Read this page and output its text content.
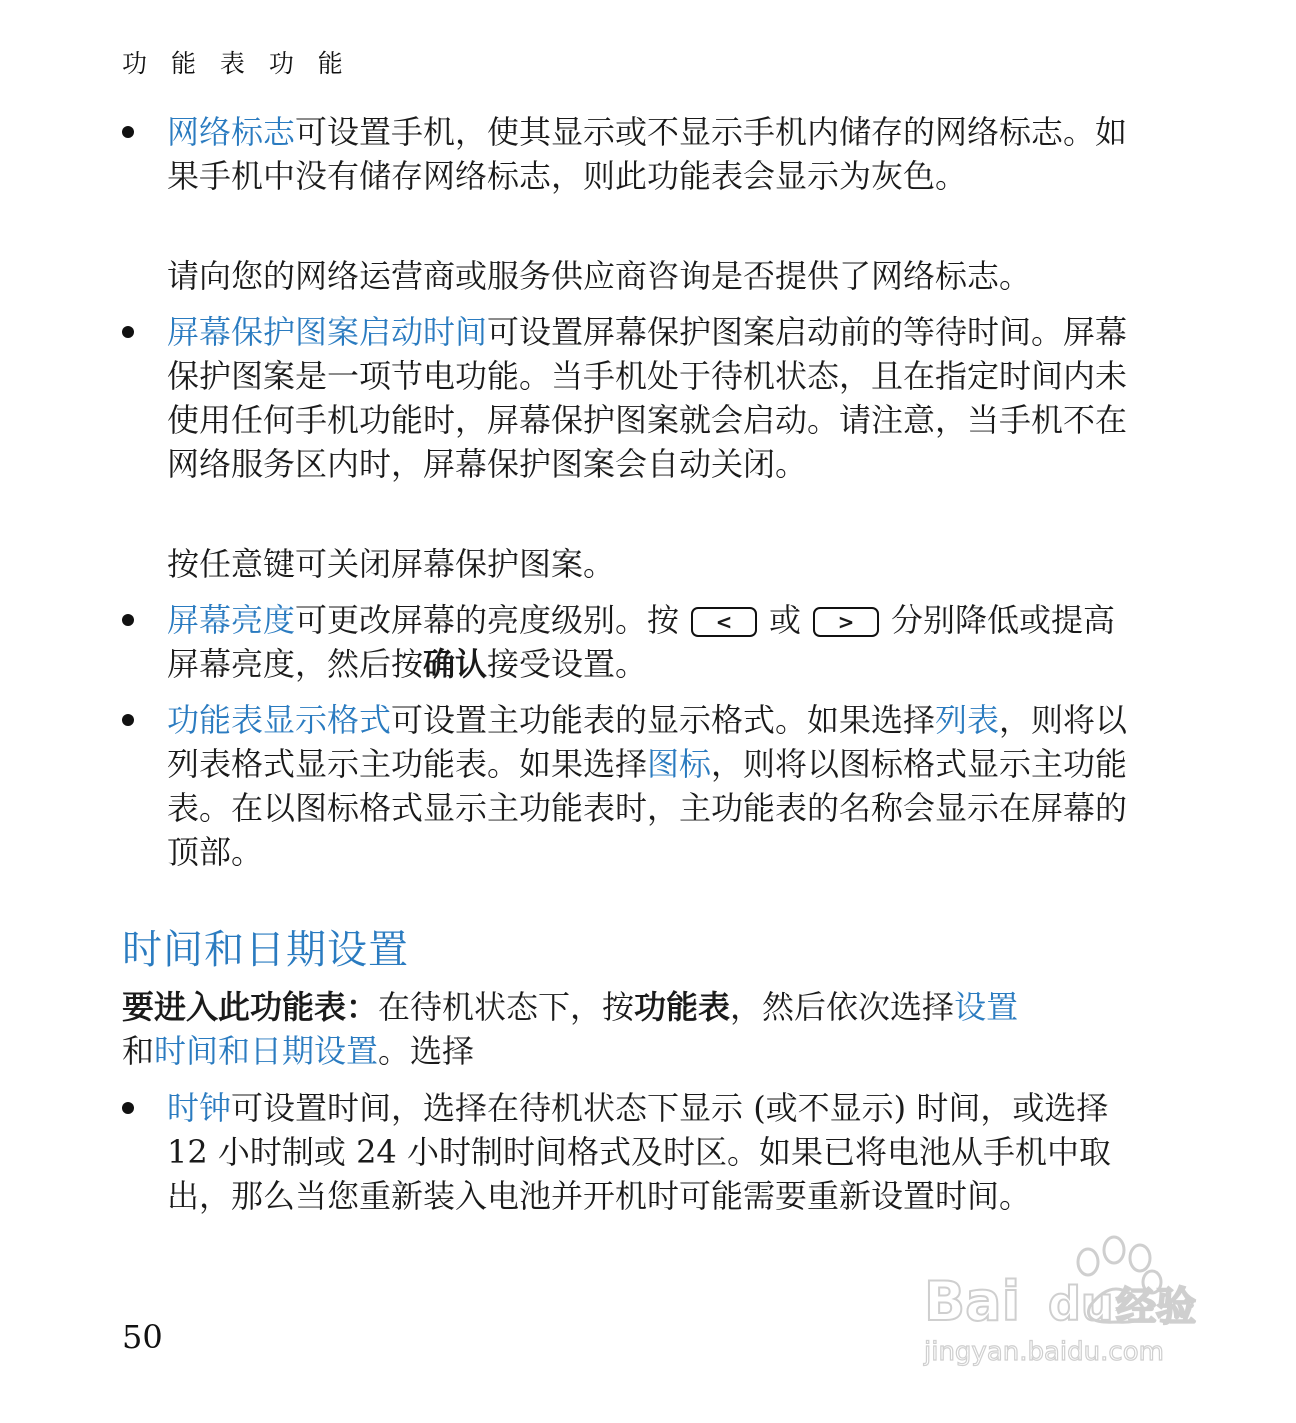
功 能 表 功 能
网络标志可设置手机，使其显示或不显示手机内储存的网络标志。如果手机中没有储存网络标志，则此功能表会显示为灰色。
请向您的网络运营商或服务供应商咨询是否提供了网络标志。
屏幕保护图案启动时间可设置屏幕保护图案启动前的等待时间。屏幕保护图案是一项节电功能。当手机处于待机状态，且在指定时间内未使用任何手机功能时，屏幕保护图案就会启动。请注意，当手机不在网络服务区内时，屏幕保护图案会自动关闭。
按任意键可关闭屏幕保护图案。
屏幕亮度可更改屏幕的亮度级别。按	<	或	>	分别降低或提高屏幕亮度，然后按确认接受设置。
功能表显示格式可设置主功能表的显示格式。如果选择列表，则将以列表格式显示主功能表。如果选择图标，则将以图标格式显示主功能表。在以图标格式显示主功能表时，主功能表的名称会显示在屏幕的顶部。
时间和日期设置
要进入此功能表：在待机状态下，按功能表，然后依次选择设置
和时间和日期设置。选择
时钟可设置时间，选择在待机状态下显示 (或不显示) 时间，或选择 12 小时制或 24 小时制时间格式及时区。如果已将电池从手机中取出，那么当您重新装入电池并开机时可能需要重新设置时间。
50
Bai du 经验
jingyan.baidu.com
